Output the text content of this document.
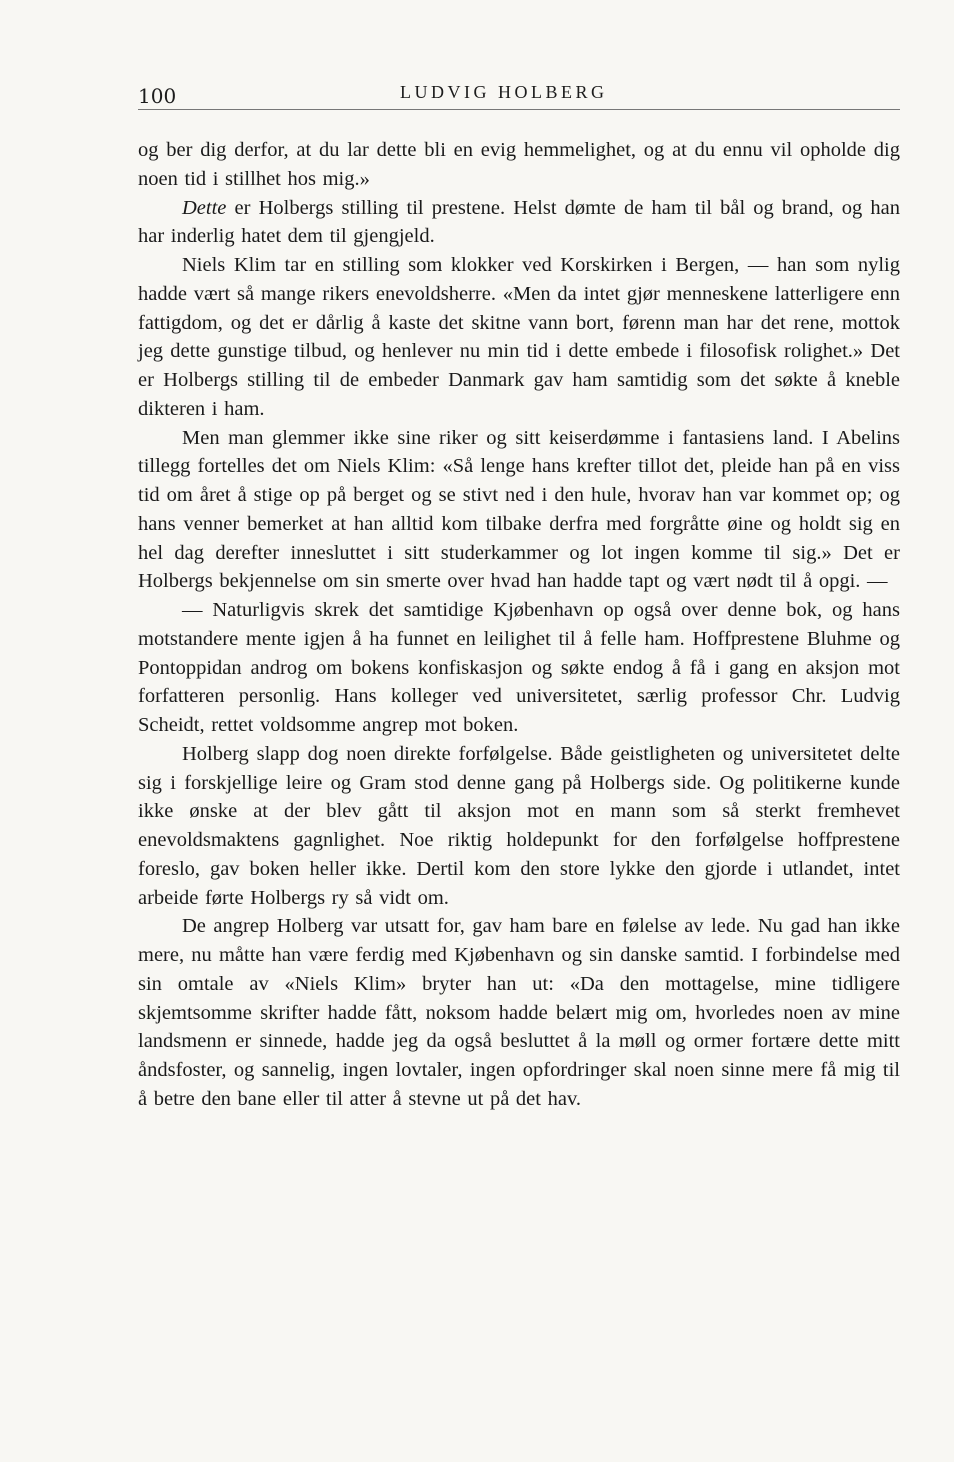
100	LUDVIG HOLBERG

og ber dig derfor, at du lar dette bli en evig hemmelighet, og at du ennu vil opholde dig noen tid i stillhet hos mig.»

Dette er Holbergs stilling til prestene. Helst dømte de ham til bål og brand, og han har inderlig hatet dem til gjengjeld.

Niels Klim tar en stilling som klokker ved Korskirken i Bergen, — han som nylig hadde vært så mange rikers enevoldsherre. «Men da intet gjør menneskene latterligere enn fattigdom, og det er dårlig å kaste det skitne vann bort, førenn man har det rene, mottok jeg dette gunstige tilbud, og henlever nu min tid i dette embede i filosofisk rolighet.» Det er Holbergs stilling til de embeder Danmark gav ham samtidig som det søkte å kneble dikteren i ham.

Men man glemmer ikke sine riker og sitt keiserdømme i fantasiens land. I Abelins tillegg fortelles det om Niels Klim: «Så lenge hans krefter tillot det, pleide han på en viss tid om året å stige op på berget og se stivt ned i den hule, hvorav han var kommet op; og hans venner bemerket at han alltid kom tilbake derfra med forgråtte øine og holdt sig en hel dag derefter innesluttet i sitt studerkammer og lot ingen komme til sig.» Det er Holbergs bekjennelse om sin smerte over hvad han hadde tapt og vært nødt til å opgi. —

— Naturligvis skrek det samtidige Kjøbenhavn op også over denne bok, og hans motstandere mente igjen å ha funnet en leilighet til å felle ham. Hoffprestene Bluhme og Pontoppidan androg om bokens konfiskasjon og søkte endog å få i gang en aksjon mot forfatteren personlig. Hans kolleger ved universitetet, særlig professor Chr. Ludvig Scheidt, rettet voldsomme angrep mot boken.

Holberg slapp dog noen direkte forfølgelse. Både geistligheten og universitetet delte sig i forskjellige leire og Gram stod denne gang på Holbergs side. Og politikerne kunde ikke ønske at der blev gått til aksjon mot en mann som så sterkt fremhevet enevoldsmaktens gagnlighet. Noe riktig holdepunkt for den forfølgelse hoffprestene foreslo, gav boken heller ikke. Dertil kom den store lykke den gjorde i utlandet, intet arbeide førte Holbergs ry så vidt om.

De angrep Holberg var utsatt for, gav ham bare en følelse av lede. Nu gad han ikke mere, nu måtte han være ferdig med Kjøbenhavn og sin danske samtid. I forbindelse med sin omtale av «Niels Klim» bryter han ut: «Da den mottagelse, mine tidligere skjemtsomme skrifter hadde fått, noksom hadde belært mig om, hvorledes noen av mine landsmenn er sinnede, hadde jeg da også besluttet å la møll og ormer fortære dette mitt åndsfoster, og sannelig, ingen lovtaler, ingen opfordringer skal noen sinne mere få mig til å betre den bane eller til atter å stevne ut på det hav.
